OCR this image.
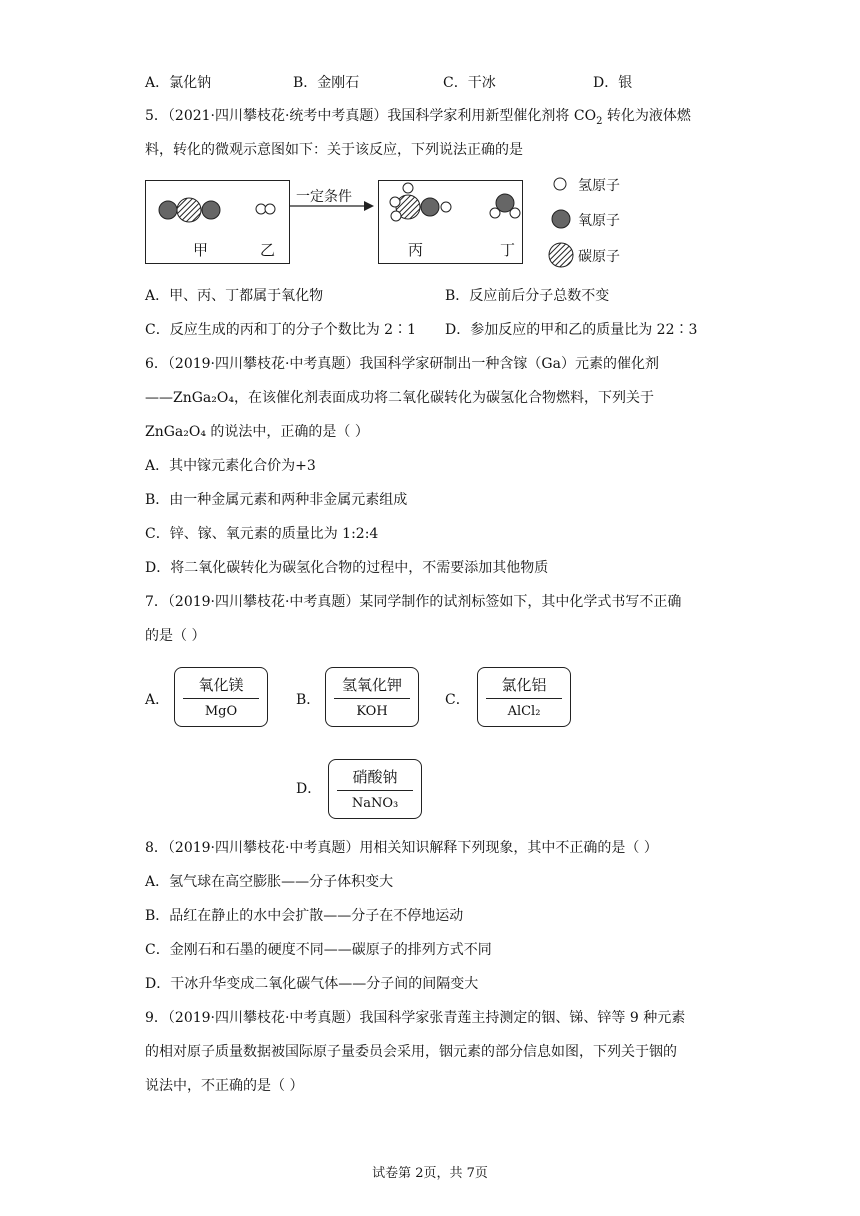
A．氯化钠	B．金刚石	C．干冰	D．银
5．（2021·四川攀枝花·统考中考真题）我国科学家利用新型催化剂将 $CO_2$ 转化为液体燃
料，转化的微观示意图如下：关于该反应，下列说法正确的是
一定条件
甲	乙	丙	丁
氢原子
氧原子
碳原子
A．甲、丙、丁都属于氧化物	B．反应前后分子总数不变
C．反应生成的丙和丁的分子个数比为 2∶1 D．参加反应的甲和乙的质量比为 22∶3
6．（2019·四川攀枝花·中考真题）我国科学家研制出一种含镓（Ga）元素的催化剂
——ZnGa₂O₄，在该催化剂表面成功将二氧化碳转化为碳氢化合物燃料，下列关于
ZnGa₂O₄ 的说法中，正确的是（ ）
A．其中镓元素化合价为+3
B．由一种金属元素和两种非金属元素组成
C．锌、镓、氧元素的质量比为 1:2:4
D．将二氧化碳转化为碳氢化合物的过程中，不需要添加其他物质
7．（2019·四川攀枝花·中考真题）某同学制作的试剂标签如下，其中化学式书写不正确
的是（ ）
A．
氧化镁
MgO
B．
氢氧化钾
KOH
C．
氯化铝
AlCl₂
D．
硝酸钠
NaNO₃
8．（2019·四川攀枝花·中考真题）用相关知识解释下列现象，其中不正确的是（ ）
A．氢气球在高空膨胀——分子体积变大
B．品红在静止的水中会扩散——分子在不停地运动
C．金刚石和石墨的硬度不同——碳原子的排列方式不同
D．干冰升华变成二氧化碳气体——分子间的间隔变大
9．（2019·四川攀枝花·中考真题）我国科学家张青莲主持测定的铟、锑、锌等 9 种元素
的相对原子质量数据被国际原子量委员会采用，铟元素的部分信息如图，下列关于铟的
说法中，不正确的是（ ）
试卷第 2页，共 7页
